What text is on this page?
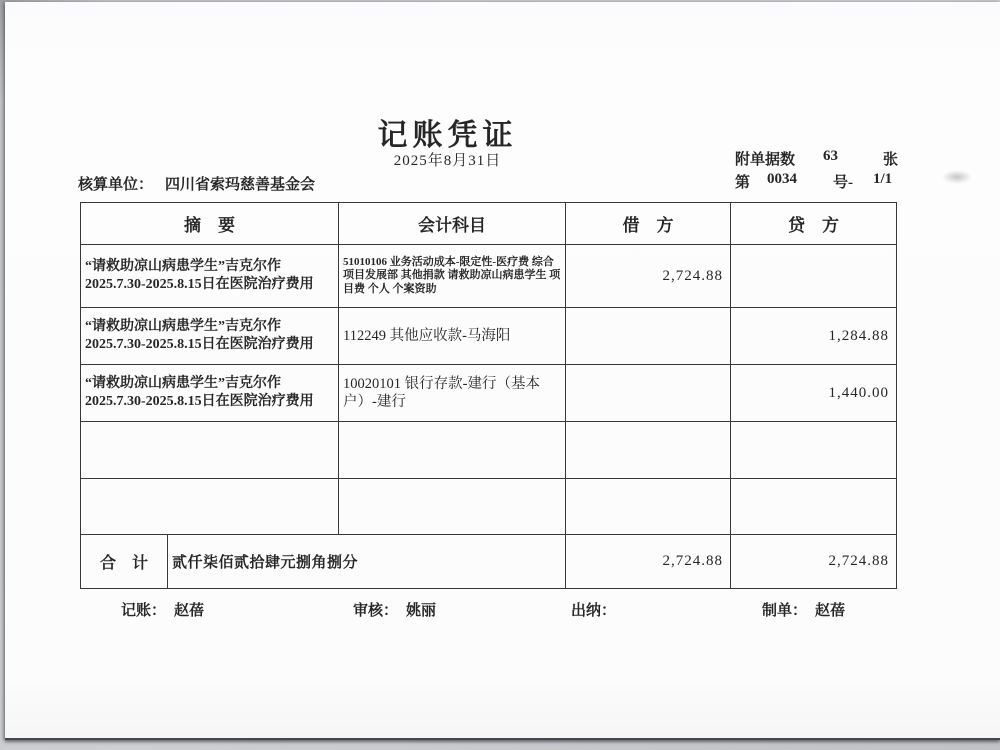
记账凭证
2025年8月31日	附单据数 63	张
第 0034 号- 1/1
核算单位： 四川省索玛慈善基金会
摘　要		会计科目	借　方	贷　方
“请救助凉山病患学生”吉克尔作2025.7.30-2025.8.15日在医院治疗费用		51010106 业务活动成本-限定性-医疗费 综合项目发展部 其他捐款 请救助凉山病患学生 项目费 个人 个案资助	2,724.88	
“请救助凉山病患学生”吉克尔作2025.7.30-2025.8.15日在医院治疗费用		112249 其他应收款-马海阳		1,284.88
“请救助凉山病患学生”吉克尔作2025.7.30-2025.8.15日在医院治疗费用		10020101 银行存款-建行（基本户）-建行		1,440.00

合　计	贰仟柒佰贰拾肆元捌角捌分		2,724.88	2,724.88
记账： 赵蓓	审核： 姚丽	出纳：	制单： 赵蓓
